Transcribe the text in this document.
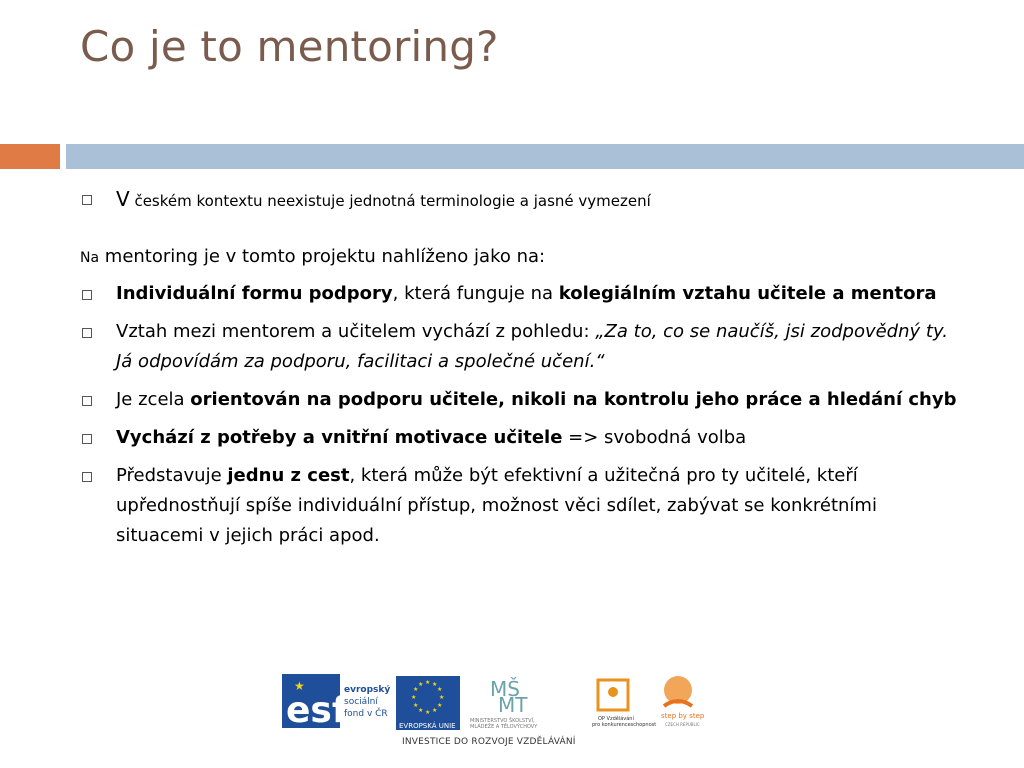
Co je to mentoring?
V českém kontextu neexistuje jednotná terminologie a jasné vymezení
Na mentoring je v tomto projektu nahlíženo jako na:
Individuální formu podpory, která funguje na kolegiálním vztahu učitele a mentora
Vztah mezi mentorem a učitelem vychází z pohledu: „Za to, co se naučíš, jsi zodpovědný ty. Já odpovídám za podporu, facilitaci a společné učení.“
Je zcela orientován na podporu učitele, nikoli na kontrolu jeho práce a hledání chyb
Vychází z potřeby a vnitřní motivace učitele => svobodná volba
Představuje jednu z cest, která může být efektivní a užitečná pro ty učitelé, kteří upřednostňují spíše individuální přístup, možnost věci sdílet, zabývat se konkrétními situacemi v jejich práci apod.
esf
★	evropský
sociální
fond v ČR
★ ★
★
★
★
★
★
★
★
★
★
★
EVROPSKÁ UNIE
MŠ
MT
MINISTERSTVO ŠKOLSTVÍ,
MLÁDEŽE A TĚLOVÝCHOVY
OP Vzdělávání
pro konkurenceschopnost
step by step
CZECH REPUBLIC
INVESTICE DO ROZVOJE VZDĚLÁVÁNÍ
